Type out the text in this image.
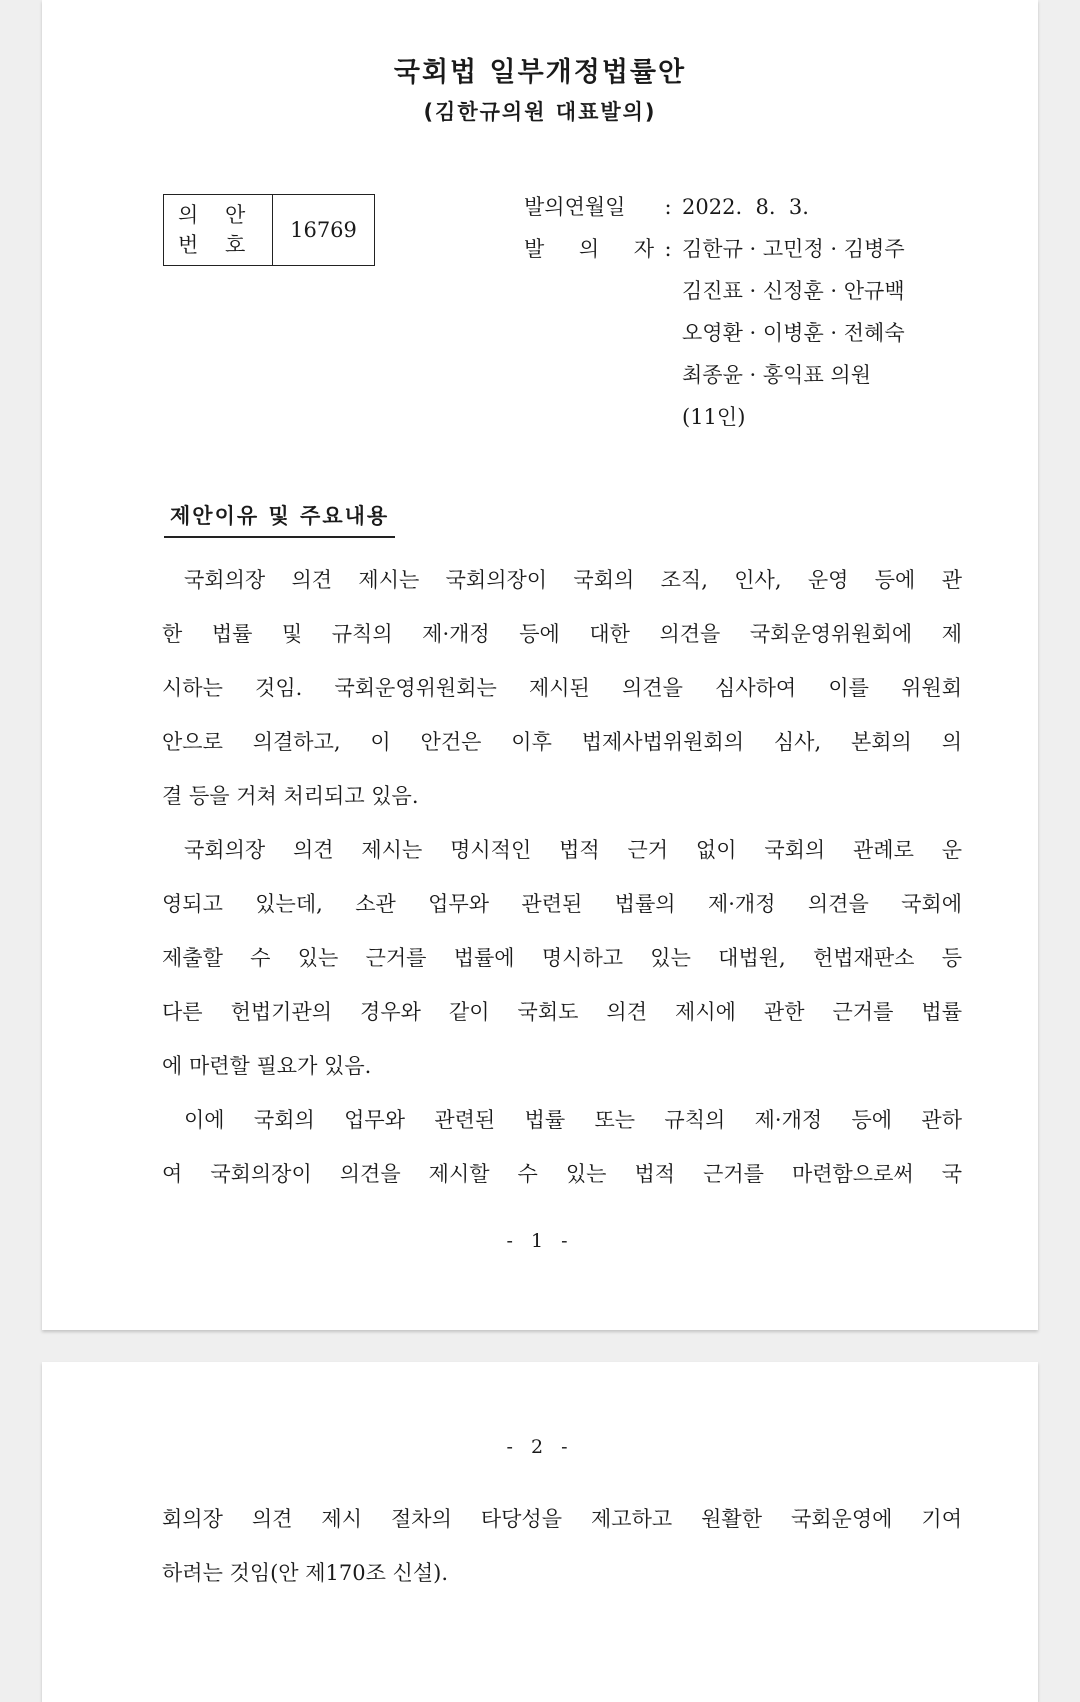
국회법 일부개정법률안
(김한규의원 대표발의)
의 안
번 호
16769
발의연월일	: 2022.  8.  3.
발 의 자 : 김한규 · 고민정 · 김병주
김진표 · 신정훈 · 안규백
오영환 · 이병훈 · 전혜숙
최종윤 · 홍익표 의원
(11인)
제안이유 및 주요내용
국회의장 의견 제시는 국회의장이 국회의 조직, 인사, 운영 등에 관
한 법률 및 규칙의 제·개정 등에 대한 의견을 국회운영위원회에 제
시하는 것임. 국회운영위원회는 제시된 의견을 심사하여 이를 위원회
안으로 의결하고, 이 안건은 이후 법제사법위원회의 심사, 본회의 의
결 등을 거쳐 처리되고 있음.
국회의장 의견 제시는 명시적인 법적 근거 없이 국회의 관례로 운
영되고 있는데, 소관 업무와 관련된 법률의 제·개정 의견을 국회에
제출할 수 있는 근거를 법률에 명시하고 있는 대법원, 헌법재판소 등
다른 헌법기관의 경우와 같이 국회도 의견 제시에 관한 근거를 법률
에 마련할 필요가 있음.
이에 국회의 업무와 관련된 법률 또는 규칙의 제·개정 등에 관하
여 국회의장이 의견을 제시할 수 있는 법적 근거를 마련함으로써 국
- 1 -
- 2 -
회의장 의견 제시 절차의 타당성을 제고하고 원활한 국회운영에 기여
하려는 것임(안 제170조 신설).
